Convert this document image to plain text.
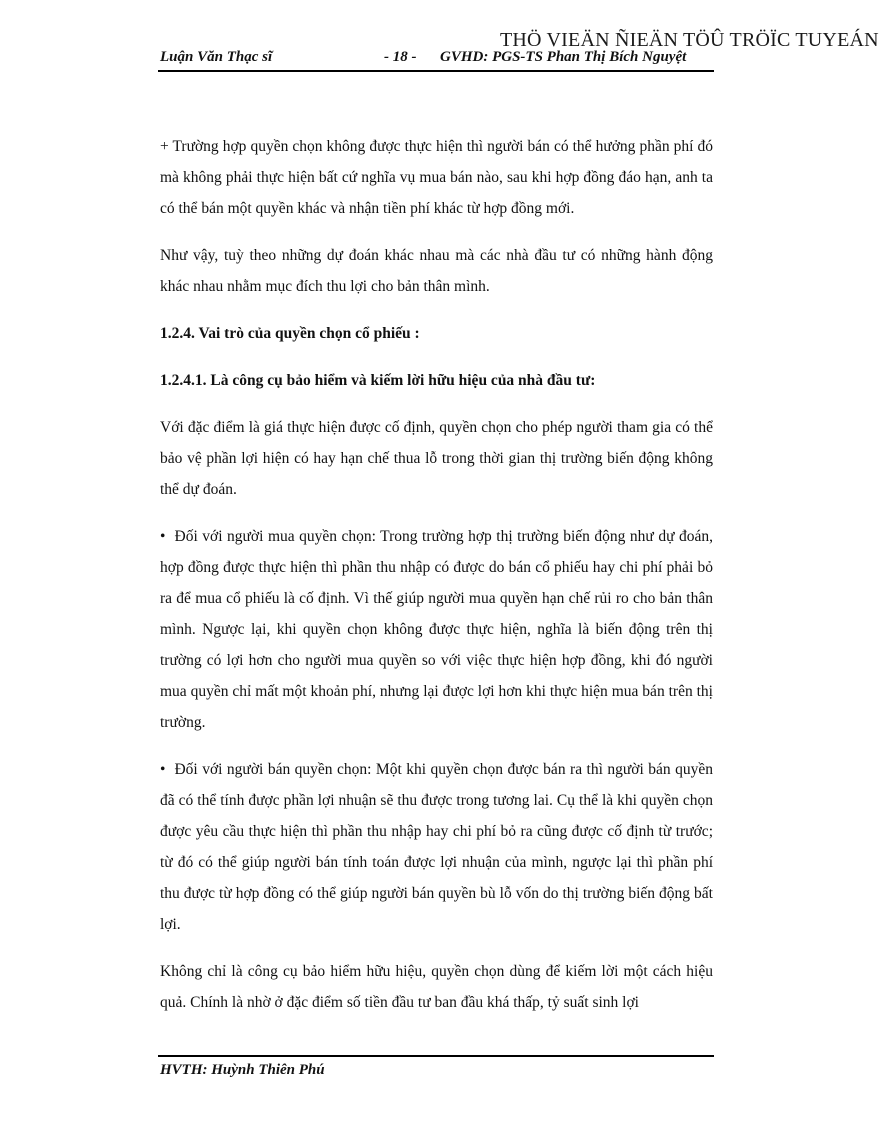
THÖ VIEÄN ÑIEÄN TÖÛ TRÖÏC TUYEÁN
Luận Văn Thạc sĩ	- 18 - GVHD: PGS-TS Phan Thị Bích Nguyệt

+ Trường hợp quyền chọn không được thực hiện thì người bán có thể hưởng phần phí đó mà không phải thực hiện bất cứ nghĩa vụ mua bán nào, sau khi hợp đồng đáo hạn, anh ta có thể bán một quyền khác và nhận tiền phí khác từ hợp đồng mới.

Như vậy, tuỳ theo những dự đoán khác nhau mà các nhà đầu tư có những hành động khác nhau nhằm mục đích thu lợi cho bản thân mình.

1.2.4. Vai trò của quyền chọn cổ phiếu :
1.2.4.1. Là công cụ bảo hiểm và kiếm lời hữu hiệu của nhà đầu tư:

Với đặc điểm là giá thực hiện được cố định, quyền chọn cho phép người tham gia có thể bảo vệ phần lợi hiện có hay hạn chế thua lỗ trong thời gian thị trường biến động không thể dự đoán.

• Đối với người mua quyền chọn: Trong trường hợp thị trường biến động như dự đoán, hợp đồng được thực hiện thì phần thu nhập có được do bán cổ phiếu hay chi phí phải bỏ ra để mua cổ phiếu là cố định. Vì thế giúp người mua quyền hạn chế rủi ro cho bản thân mình. Ngược lại, khi quyền chọn không được thực hiện, nghĩa là biến động trên thị trường có lợi hơn cho người mua quyền so với việc thực hiện hợp đồng, khi đó người mua quyền chỉ mất một khoản phí, nhưng lại được lợi hơn khi thực hiện mua bán trên thị trường.

• Đối với người bán quyền chọn: Một khi quyền chọn được bán ra thì người bán quyền đã có thể tính được phần lợi nhuận sẽ thu được trong tương lai. Cụ thể là khi quyền chọn được yêu cầu thực hiện thì phần thu nhập hay chi phí bỏ ra cũng được cố định từ trước; từ đó có thể giúp người bán tính toán được lợi nhuận của mình, ngược lại thì phần phí thu được từ hợp đồng có thể giúp người bán quyền bù lỗ vốn do thị trường biến động bất lợi.

Không chỉ là công cụ bảo hiểm hữu hiệu, quyền chọn dùng để kiếm lời một cách hiệu quả. Chính là nhờ ở đặc điểm số tiền đầu tư ban đầu khá thấp, tỷ suất sinh lợi

HVTH: Huỳnh Thiên Phú
